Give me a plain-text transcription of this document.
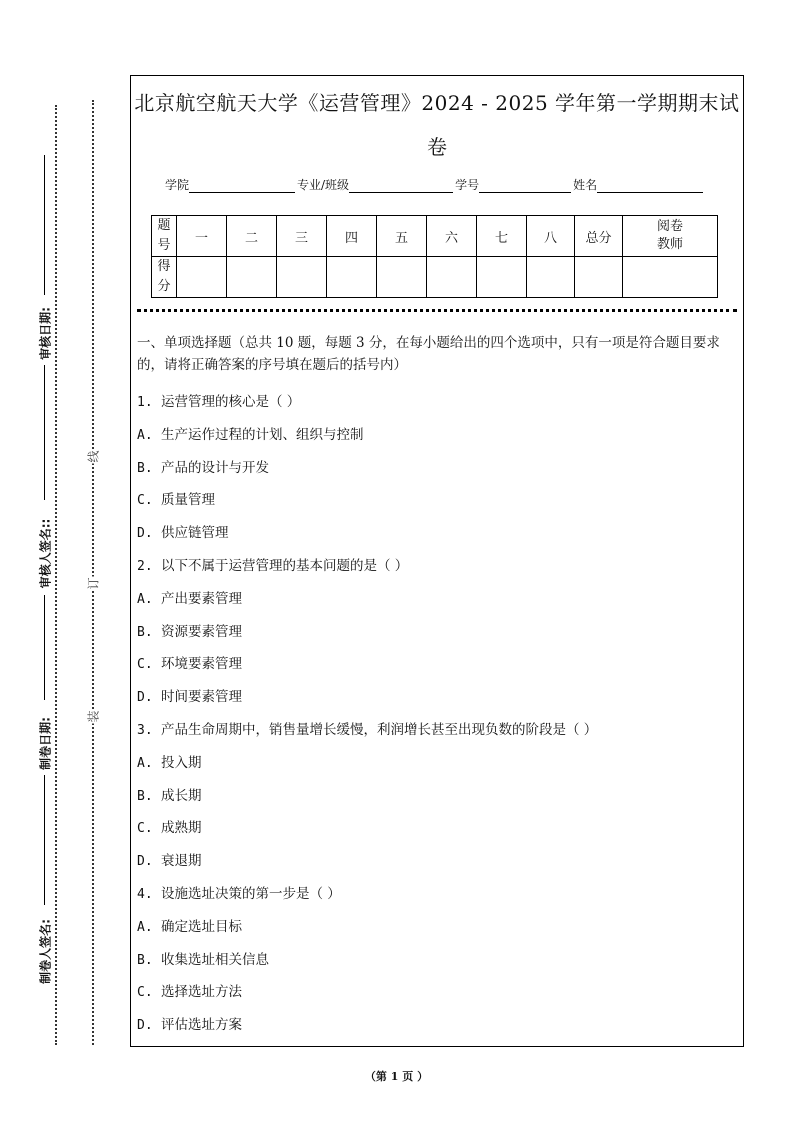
线
订
装
审核日期:
审核人签名::
制卷日期:
制卷人签名:
北京航空航天大学《运营管理》2024 - 2025 学年第一学期期末试
卷
学院	专业/班级	学号	姓名
题
号	一	二	三	四	五	六	七	八	总分	阅卷
教师
得
分										
一、单项选择题（总共 10 题，每题 3 分，在每小题给出的四个选项中，只有一项是符合题目要求的，请将正确答案的序号填在题后的括号内）
1. 运营管理的核心是（ ）
A. 生产运作过程的计划、组织与控制
B. 产品的设计与开发
C. 质量管理
D. 供应链管理
2. 以下不属于运营管理的基本问题的是（ ）
A. 产出要素管理
B. 资源要素管理
C. 环境要素管理
D. 时间要素管理
3. 产品生命周期中，销售量增长缓慢，利润增长甚至出现负数的阶段是（ ）
A. 投入期
B. 成长期
C. 成熟期
D. 衰退期
4. 设施选址决策的第一步是（ ）
A. 确定选址目标
B. 收集选址相关信息
C. 选择选址方法
D. 评估选址方案
（第 1 页 ）
